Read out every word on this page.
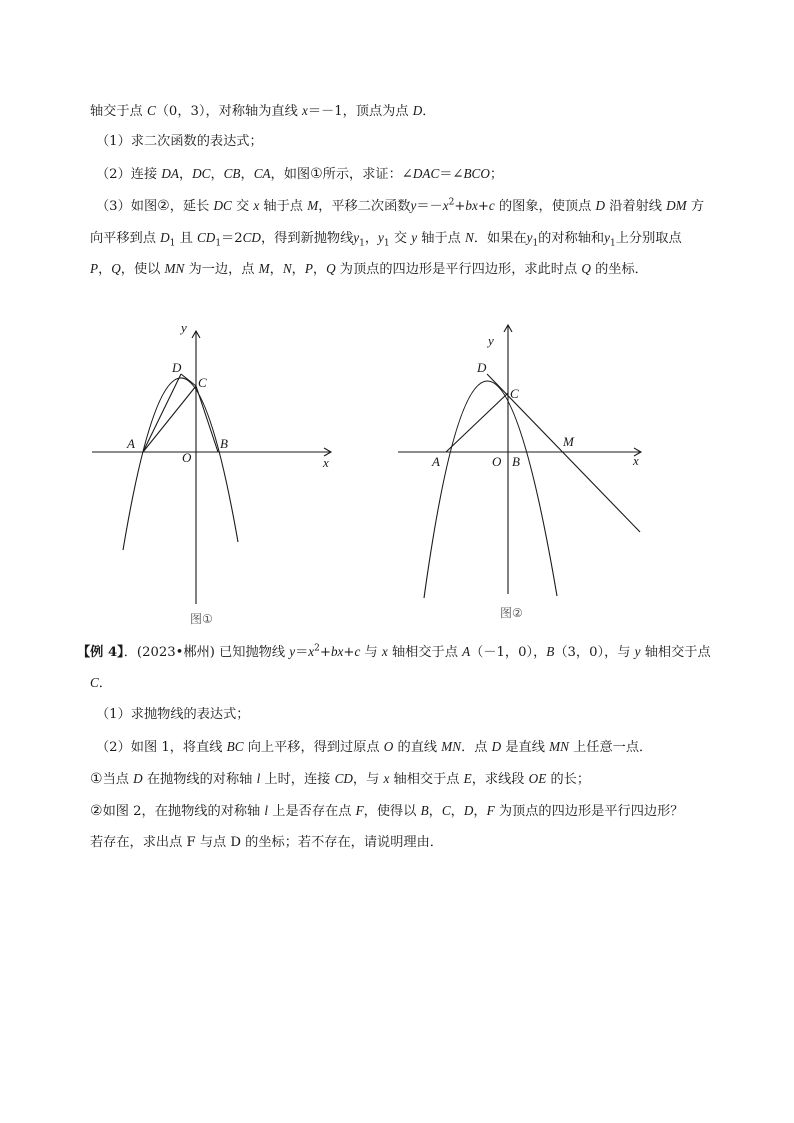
轴交于点 C（0，3），对称轴为直线 x＝－1，顶点为点 D．
（1）求二次函数的表达式；
（2）连接 DA，DC，CB，CA，如图①所示，求证：∠DAC＝∠BCO；
（3）如图②，延长 DC 交 x 轴于点 M，平移二次函数$y=-x^2+bx+c$ 的图象，使顶点 D 沿着射线 DM 方
向平移到点 $D_1$ 且 $CD_1=2CD$，得到新抛物线$y_1$，$y_1$ 交 y 轴于点 N．如果在$y_1$的对称轴和$y_1$上分别取点
P，Q，使以 MN 为一边，点 M，N，P，Q 为顶点的四边形是平行四边形，求此时点 Q 的坐标．
y
x
D
C
A
O
B
图①
y
x
D
C
A	O B
M
图②
【例 4】．(2023•郴州) 已知抛物线 $y=x^2+bx+c$ 与 x 轴相交于点 A（－1，0），B（3，0），与 y 轴相交于点
C．
（1）求抛物线的表达式；
（2）如图 1，将直线 BC 向上平移，得到过原点 O 的直线 MN．点 D 是直线 MN 上任意一点．
①当点 D 在抛物线的对称轴 l 上时，连接 CD，与 x 轴相交于点 E，求线段 OE 的长；
②如图 2，在抛物线的对称轴 l 上是否存在点 F，使得以 B，C，D，F 为顶点的四边形是平行四边形？
若存在，求出点 F 与点 D 的坐标；若不存在，请说明理由．
